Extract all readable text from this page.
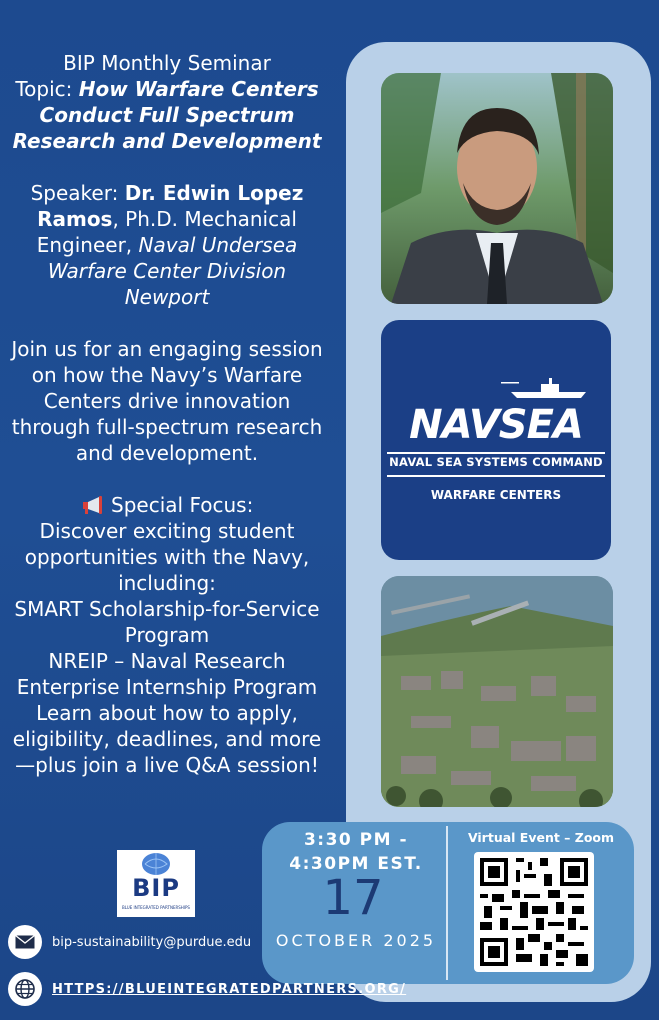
BIP Monthly Seminar

Topic: How Warfare Centers Conduct Full Spectrum Research and Development

Speaker: Dr. Edwin Lopez Ramos, Ph.D. Mechanical Engineer, Naval Undersea Warfare Center Division Newport

Join us for an engaging session on how the Navy’s Warfare Centers drive innovation through full-spectrum research and development.

Special Focus:

Discover exciting student opportunities with the Navy, including:

SMART Scholarship-for-Service Program

NREIP – Naval Research Enterprise Internship Program

Learn about how to apply, eligibility, deadlines, and more—plus join a live Q&A session!

NAVSEA
NAVAL SEA SYSTEMS COMMAND
WARFARE CENTERS
3:30 PM - 4:30PM EST.
17
OCTOBER 2025
Virtual Event – Zoom
BIP
BLUE INTEGRATED PARTNERSHIPS
bip-sustainability@purdue.edu
HTTPS://BLUEINTEGRATEDPARTNERS.ORG/
